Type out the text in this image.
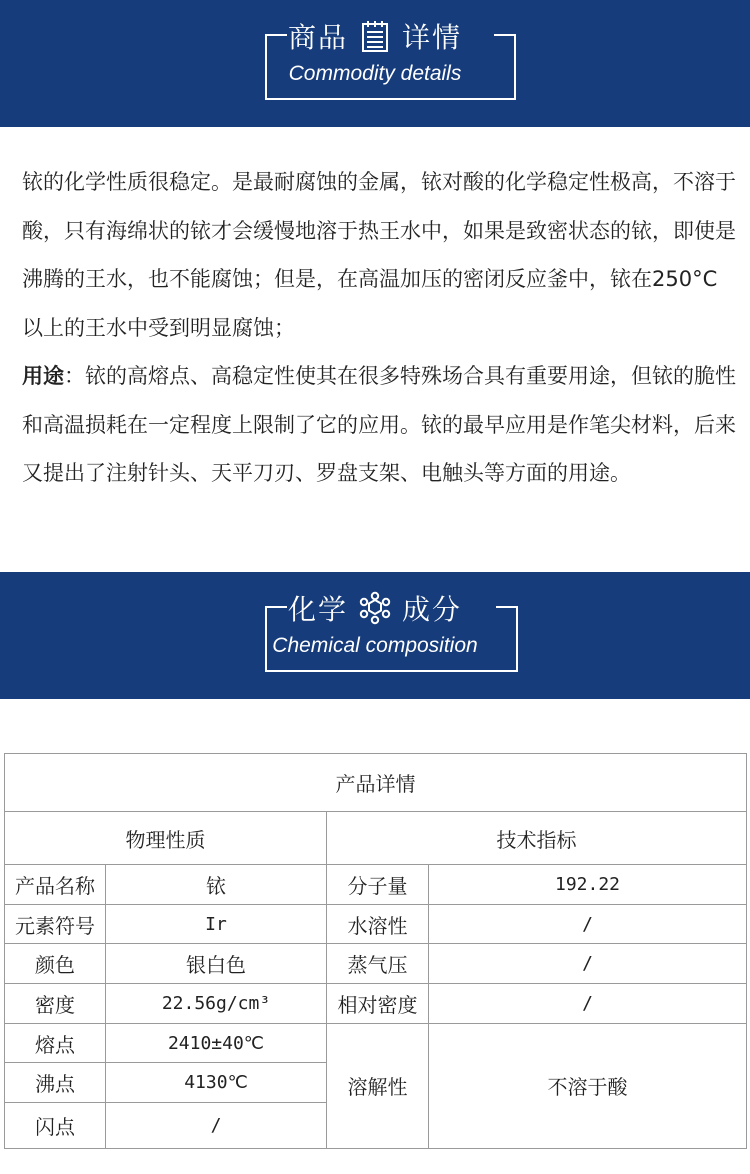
商品 详情
Commodity details

铱的化学性质很稳定。是最耐腐蚀的金属，铱对酸的化学稳定性极高，不溶于酸，只有海绵状的铱才会缓慢地溶于热王水中，如果是致密状态的铱，即使是沸腾的王水，也不能腐蚀；但是，在高温加压的密闭反应釜中，铱在250°C以上的王水中受到明显腐蚀；

用途：铱的高熔点、高稳定性使其在很多特殊场合具有重要用途，但铱的脆性和高温损耗在一定程度上限制了它的应用。铱的最早应用是作笔尖材料，后来又提出了注射针头、天平刀刃、罗盘支架、电触头等方面的用途。

化学 成分
Chemical composition
产品详情			
物理性质		技术指标	
产品名称	铱	分子量	192.22
元素符号	Ir	水溶性	/
颜色	银白色	蒸气压	/
密度	22.56g/cm³	相对密度	/
熔点	2410±40℃	溶解性	不溶于酸
沸点	4130℃		
闪点	/		
